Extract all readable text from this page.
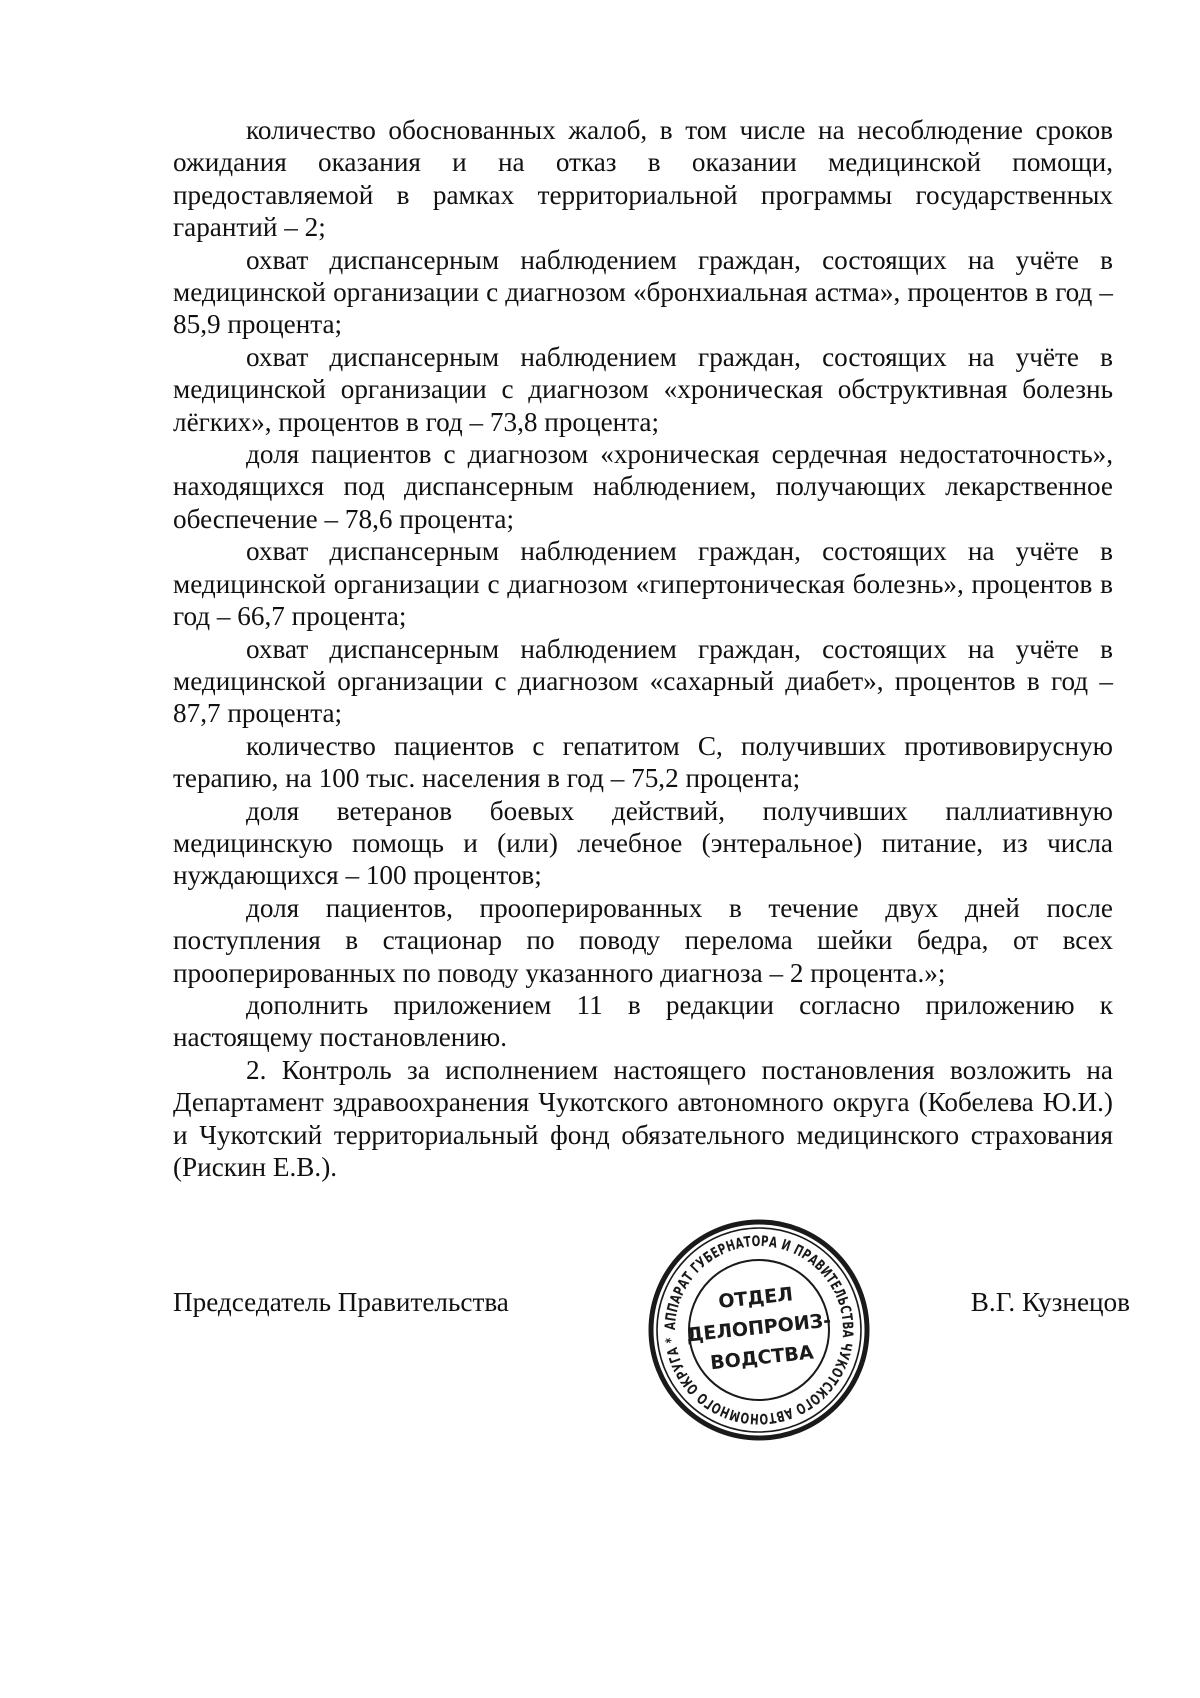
количество обоснованных жалоб, в том числе на несоблюдение сроков ожидания оказания и на отказ в оказании медицинской помощи, предоставляемой в рамках территориальной программы государственных гарантий – 2;

охват диспансерным наблюдением граждан, состоящих на учёте в медицинской организации с диагнозом «бронхиальная астма», процентов в год – 85,9 процента;

охват диспансерным наблюдением граждан, состоящих на учёте в медицинской организации с диагнозом «хроническая обструктивная болезнь лёгких», процентов в год – 73,8 процента;

доля пациентов с диагнозом «хроническая сердечная недостаточность», находящихся под диспансерным наблюдением, получающих лекарственное обеспечение – 78,6 процента;

охват диспансерным наблюдением граждан, состоящих на учёте в медицинской организации с диагнозом «гипертоническая болезнь», процентов в год – 66,7 процента;

охват диспансерным наблюдением граждан, состоящих на учёте в медицинской организации с диагнозом «сахарный диабет», процентов в год – 87,7 процента;

количество пациентов с гепатитом С, получивших противовирусную терапию, на 100 тыс. населения в год – 75,2 процента;

доля ветеранов боевых действий, получивших паллиативную медицинскую помощь и (или) лечебное (энтеральное) питание, из числа нуждающихся – 100 процентов;

доля пациентов, прооперированных в течение двух дней после поступления в стационар по поводу перелома шейки бедра, от всех прооперированных по поводу указанного диагноза – 2 процента.»;

дополнить приложением 11 в редакции согласно приложению к настоящему постановлению.

2. Контроль за исполнением настоящего постановления возложить на Департамент здравоохранения Чукотского автономного округа (Кобелева Ю.И.) и Чукотский территориальный фонд обязательного медицинского страхования (Рискин Е.В.).

Председатель Правительства	В.Г. Кузнецов
АППАРАТ ГУБЕРНАТОРА И ПРАВИТЕЛЬСТВА ЧУКОТСКОГО АВТОНОМНОГО ОКРУГА *
ОТДЕЛ
ДЕЛОПРОИЗ-
ВОДСТВА
